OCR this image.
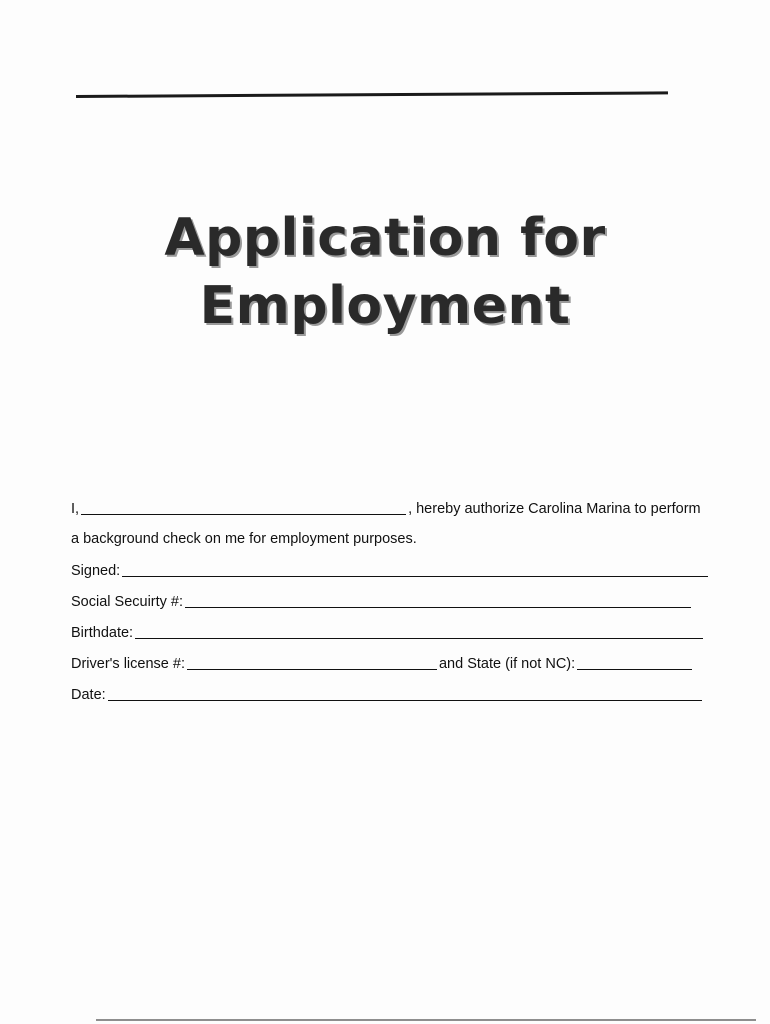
Application for
Employment
I,	, hereby authorize Carolina Marina to perform
a background check on me for employment purposes.
Signed:
Social Secuirty #:
Birthdate:
Driver's license #:	and State (if not NC):
Date:
